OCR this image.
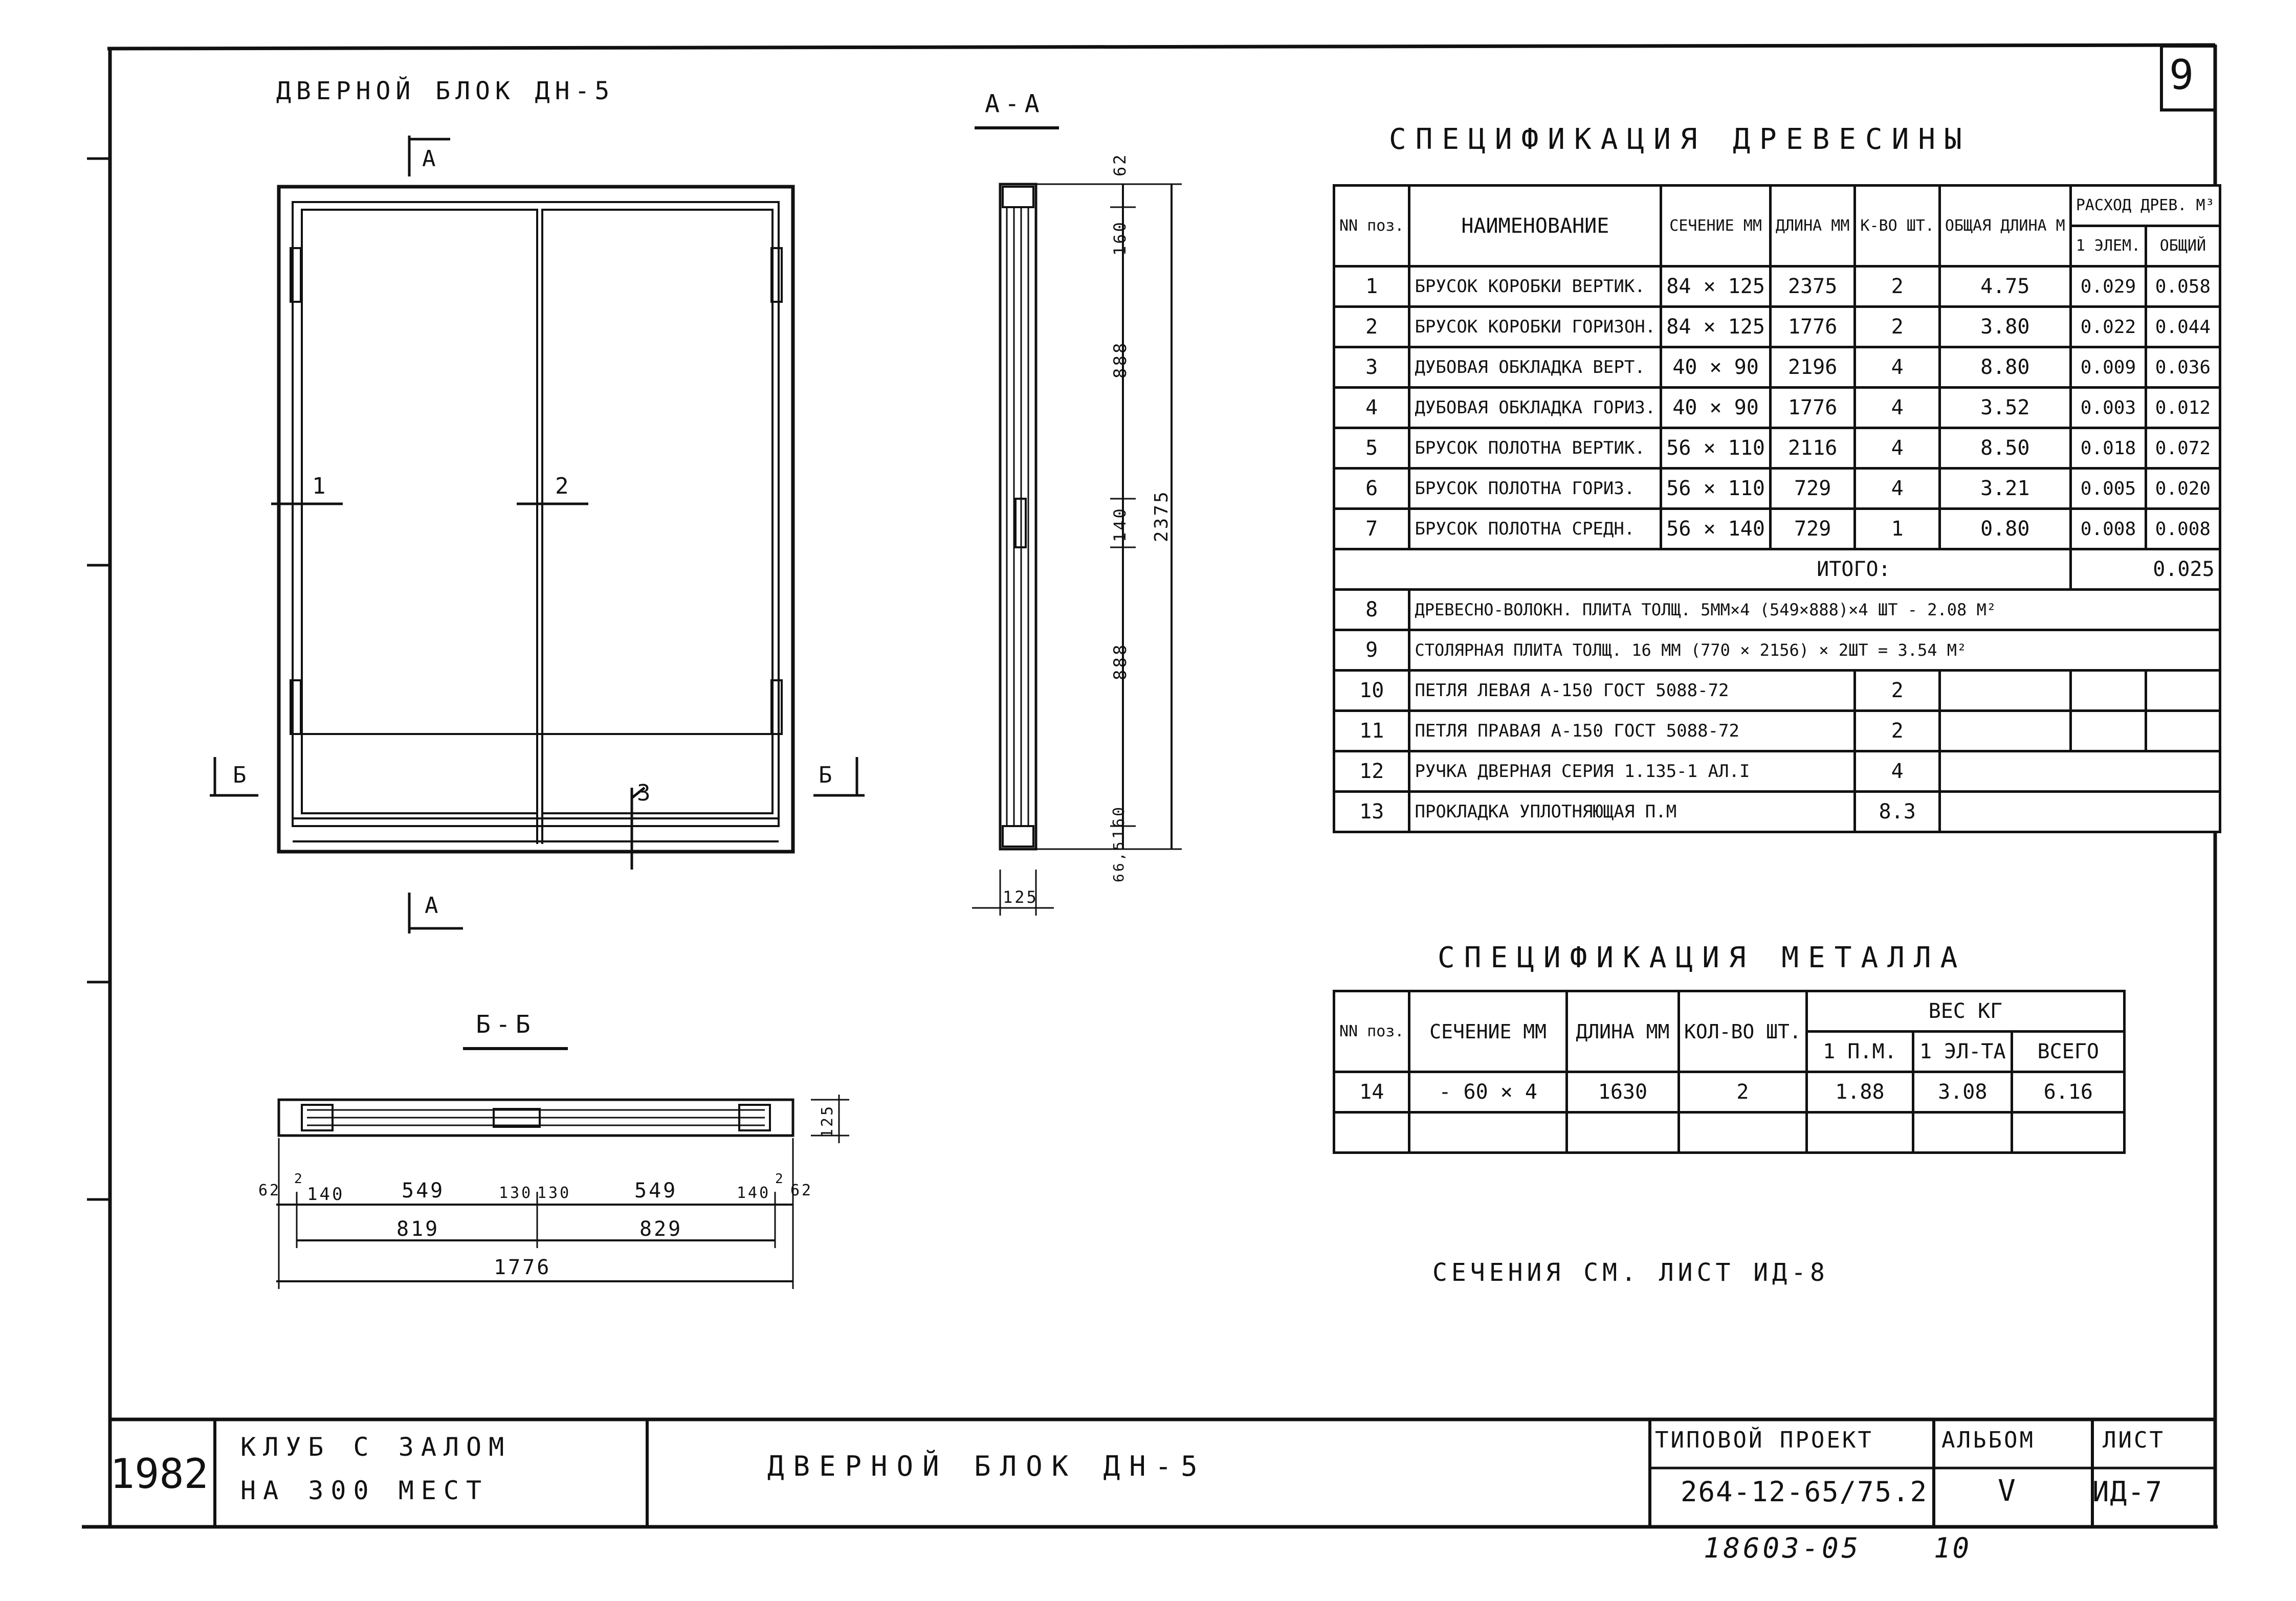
9
ДВЕРНОЙ БЛОК ДН-5	А-А
Б-Б
А
А
Б	Б
1	2
3
62
160
888
140 2375
888
160
66,5
125
62
2
140	549	130 130	549	140
2
62
819	829
1776
125
СПЕЦИФИКАЦИЯ ДРЕВЕСИНЫ
NN поз.	НАИМЕНОВАНИЕ	СЕЧЕНИЕ ММ	ДЛИНА ММ	К-ВО ШТ.	ОБЩАЯ ДЛИНА М	РАСХОД ДРЕВ. М³	
						1 ЭЛЕМ.	ОБЩИЙ
1	БРУСОК КОРОБКИ ВЕРТИК.	84 × 125	2375	2	4.75	0.029	0.058
2	БРУСОК КОРОБКИ ГОРИЗОН.	84 × 125	1776	2	3.80	0.022	0.044
3	ДУБОВАЯ ОБКЛАДКА ВЕРТ.	40 × 90	2196	4	8.80	0.009	0.036
4	ДУБОВАЯ ОБКЛАДКА ГОРИЗ.	40 × 90	1776	4	3.52	0.003	0.012
5	БРУСОК ПОЛОТНА ВЕРТИК.	56 × 110	2116	4	8.50	0.018	0.072
6	БРУСОК ПОЛОТНА ГОРИЗ.	56 × 110	729	4	3.21	0.005	0.020
7	БРУСОК ПОЛОТНА СРЕДН.	56 × 140	729	1	0.80	0.008	0.008
ИТОГО:						0.025	
8	ДРЕВЕСНО-ВОЛОКН. ПЛИТА ТОЛЩ. 5ММ×4 (549×888)×4 ШТ - 2.08 М²						
9	СТОЛЯРНАЯ ПЛИТА ТОЛЩ. 16 ММ (770 × 2156) × 2ШТ = 3.54 М²						
10	ПЕТЛЯ ЛЕВАЯ А-150 ГОСТ 5088-72			2			
11	ПЕТЛЯ ПРАВАЯ А-150 ГОСТ 5088-72			2			
12	РУЧКА ДВЕРНАЯ СЕРИЯ 1.135-1 АЛ.I			4			
13	ПРОКЛАДКА УПЛОТНЯЮЩАЯ П.М			8.3			
СПЕЦИФИКАЦИЯ МЕТАЛЛА
NN поз.	СЕЧЕНИЕ ММ	ДЛИНА ММ	КОЛ-ВО ШТ.	ВЕС КГ		
				1 П.М.	1 ЭЛ-ТА	ВСЕГО
14	- 60 × 4	1630	2	1.88	3.08	6.16

СЕЧЕНИЯ СМ. ЛИСТ ИД-8
1982
КЛУБ С ЗАЛОМ
НА 300 МЕСТ
ДВЕРНОЙ БЛОК ДН-5
ТИПОВОЙ ПРОЕКТ
264-12-65/75.2
АЛЬБОМ
V
ЛИСТ
ИД-7
18603-05	10
